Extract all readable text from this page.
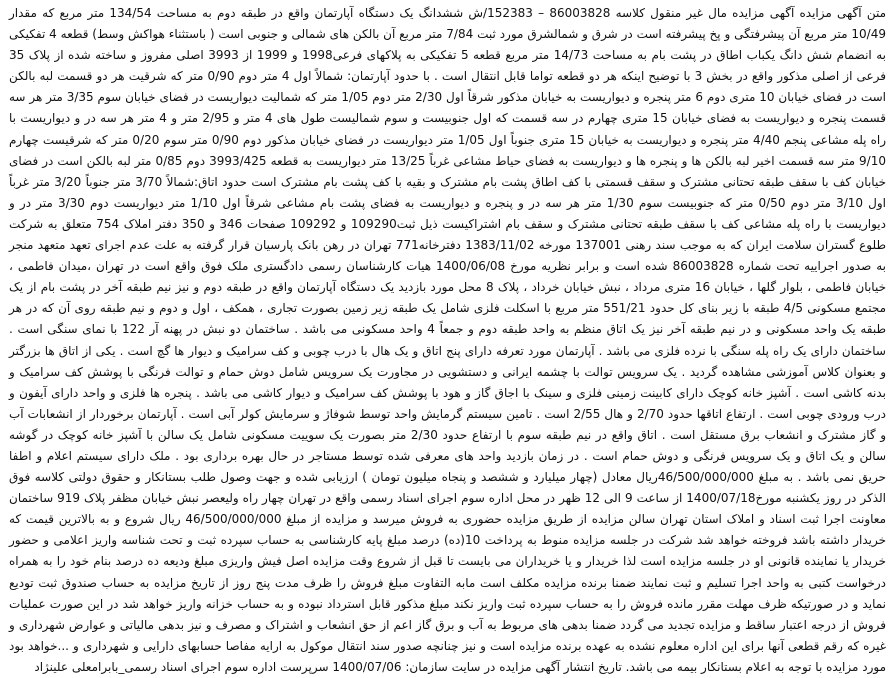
متن آگهی مزایده آگهی مزایده مال غیر منقول کلاسه 86003828 – 152383/ش ششدانگ یک دستگاه آپارتمان واقع در طبقه دوم به مساحت 134/54 متر مربع که مقدار 10/49 متر مربع آن پیشرفتگی و پخ پیشرفته است در شرق و شمالشرق مورد ثبت 7/84 متر مربع آن بالکن های شمالی و جنوبی است ( باستثناء هواکش وسط) قطعه 4 تفکیکی به انضمام شش دانگ یکباب اطاق در پشت بام به مساحت 14/73 متر مربع قطعه 5 تفکیکی به پلاکهای فرعی1998 و 1999 از 3993 اصلی مفروز و ساخته شده از پلاک 35 فرعی از اصلی مذکور واقع در بخش 3 با توضیح اینکه هر دو قطعه تواما قابل انتقال است . با حدود آپارتمان: شمالاً اول 4 متر دوم 0/90 متر که شرقیت هر دو قسمت لبه بالکن است در فضای خیابان 10 متری دوم 6 متر پنجره و دیواریست به خیابان مذکور شرقاً اول 2/30 متر دوم 1/05 متر که شمالیت دیواریست در فضای خیابان سوم 3/35 متر هر سه قسمت پنجره و دیواریست به فضای خیابان 15 متری چهارم در سه قسمت که اول جنوبیست و سوم شمالیست طول های 4 متر و 2/95 متر و 4 متر هر سه در و دیواریست با راه پله مشاعی پنجم 4/40 متر پنجره و دیواریست به خیابان 15 متری جنوباً اول 1/05 متر دیواریست در فضای خیابان مذکور دوم 0/90 متر سوم 0/20 متر که شرقیست چهارم 9/10 متر سه قسمت اخیر لبه بالکن ها و پنجره ها و دیواریست به فضای حیاط مشاعی غرباً 13/25 متر دیواریست به قطعه 3993/425 دوم 0/85 متر لبه بالکن است در فضای خیابان کف با سقف طبقه تحتانی مشترک و سقف قسمتی با کف اطاق پشت بام مشترک و بقیه با کف پشت بام مشترک است حدود اتاق:شمالاً 3/70 متر جنوباً 3/20 متر غرباً اول 3/10 متر دوم 0/50 متر که جنوبیست سوم 1/30 متر هر سه در و پنجره و دیواریست به فضای پشت بام مشاعی شرقاً اول 1/10 متر دیواریست دوم 3/30 متر در و دیواریست با راه پله مشاعی کف با سقف طبقه تحتانی مشترک و سقف بام اشتراکیست ذیل ثبت109290 و 109292 صفحات 346 و 350 دفتر املاک 754 متعلق به شرکت طلوع گستران سلامت ایران که به موجب سند رهنی 137001 مورخه 1383/11/02 دفترخانه771 تهران در رهن بانک پارسیان قرار گرفته به علت عدم اجرای تعهد متعهد منجر به صدور اجراییه تحت شماره 86003828 شده است و برابر نظریه مورخ 1400/06/08 هیات کارشناسان رسمی دادگستری ملک فوق واقع است در تهران ،میدان فاطمی ، خیابان فاطمی ، بلوار گلها ، خیابان 16 متری مرداد ، نبش خیابان خرداد ، پلاک 8 محل مورد بازدید یک دستگاه آپارتمان واقع در طبقه دوم و نیز نیم طبقه آخر در پشت بام از یک مجتمع مسکونی 4/5 طبقه با زیر بنای کل حدود 551/21 متر مربع با اسکلت فلزی شامل یک طبقه زیر زمین بصورت تجاری ، همکف ، اول و دوم و نیم طبقه روی آن که در هر طبقه یک واحد مسکونی و در نیم طبقه آخر نیز یک اتاق منظم به واحد طبقه دوم و جمعاً 4 واحد مسکونی می باشد . ساختمان دو نبش در پهنه آر 122 با نمای سنگی است . ساختمان دارای یک راه پله سنگی با نرده فلزی می باشد . آپارتمان مورد تعرفه دارای پنج اتاق و یک هال با درب چوبی و کف سرامیک و دیوار ها گچ است . یکی از اتاق ها بزرگتر و بعنوان کلاس آموزشی مشاهده گردید . یک سرویس توالت با چشمه ایرانی و دستشویی در مجاورت یک سرویس شامل دوش حمام و توالت فرنگی با پوشش کف سرامیک و بدنه کاشی است . آشپز خانه کوچک دارای کابینت زمینی فلزی و سینک با اجاق گاز و هود با پوشش کف سرامیک و دیوار کاشی می باشد . پنجره ها فلزی و واحد دارای آیفون و درب ورودی چوبی است . ارتفاع اتاقها حدود 2/70 و هال 2/55 است . تامین سیستم گرمایش واحد توسط شوفاژ و سرمایش کولر آبی است . آپارتمان برخوردار از انشعابات آب و گاز مشترک و انشعاب برق مستقل است . اتاق واقع در نیم طبقه سوم با ارتفاع حدود 2/30 متر بصورت یک سوییت مسکونی شامل یک سالن با آشپز خانه کوچک در گوشه سالن و یک اتاق و یک سرویس فرنگی و دوش حمام است . در زمان بازدید واحد های معرفی شده توسط مستاجر در حال بهره برداری بود . ملک دارای سیستم اعلام و اطفا حریق نمی باشد . به مبلغ 46/500/000/000ریال معادل (چهار میلیارد و ششصد و پنجاه میلیون تومان ) ارزیابی شده و جهت وصول طلب بستانکار و حقوق دولتی کلاسه فوق الذکر در روز یکشنبه مورخ1400/07/18 از ساعت 9 الی 12 ظهر در محل اداره سوم اجرای اسناد رسمی واقع در تهران چهار راه ولیعصر نبش خیابان مظفر پلاک 919 ساختمان معاونت اجرا ثبت اسناد و املاک استان تهران سالن مزایده از طریق مزایده حضوری به فروش میرسد و مزایده از مبلغ 46/500/000/000 ریال شروع و به بالاترین قیمت که خریدار داشته باشد فروخته خواهد شد شرکت در جلسه مزایده منوط به پرداخت 10(ده) درصد مبلغ پایه کارشناسی به حساب سپرده ثبت و تحت شناسه واریز اعلامی و حضور خریدار یا نماینده قانونی او در جلسه مزایده است لذا خریدار و یا خریداران می بایست تا قبل از شروع وقت مزایده اصل فیش واریزی مبلغ ودیعه ده درصد بنام خود را به همراه درخواست کتبی به واحد اجرا تسلیم و ثبت نمایند ضمنا برنده مزایده مکلف است مابه التفاوت مبلغ فروش را ظرف مدت پنج روز از تاریخ مزایده به حساب صندوق ثبت تودیع نماید و در صورتیکه ظرف مهلت مقرر مانده فروش را به حساب سپرده ثبت واریز نکند مبلغ مذکور قابل استرداد نبوده و به حساب خزانه واریز خواهد شد در این صورت عملیات فروش از درجه اعتبار ساقط و مزایده تجدید می گردد ضمنا بدهی های مربوط به آب و برق گاز اعم از حق انشعاب و اشتراک و مصرف و نیز بدهی مالیاتی و عوارض شهرداری و غیره که رقم قطعی آنها برای این اداره معلوم نشده به عهده برنده مزایده است و نیز چنانچه صدور سند انتقال موکول به ارایه مفاصا حسابهای دارایی و شهرداری و ...خواهد بود مورد مزایده با توجه به اعلام بستانکار بیمه می باشد. تاریخ انتشار آگهی مزایده در سایت سازمان: 1400/07/06 سرپرست اداره سوم اجرای اسناد رسمی_بابرامعلی علینژاد
